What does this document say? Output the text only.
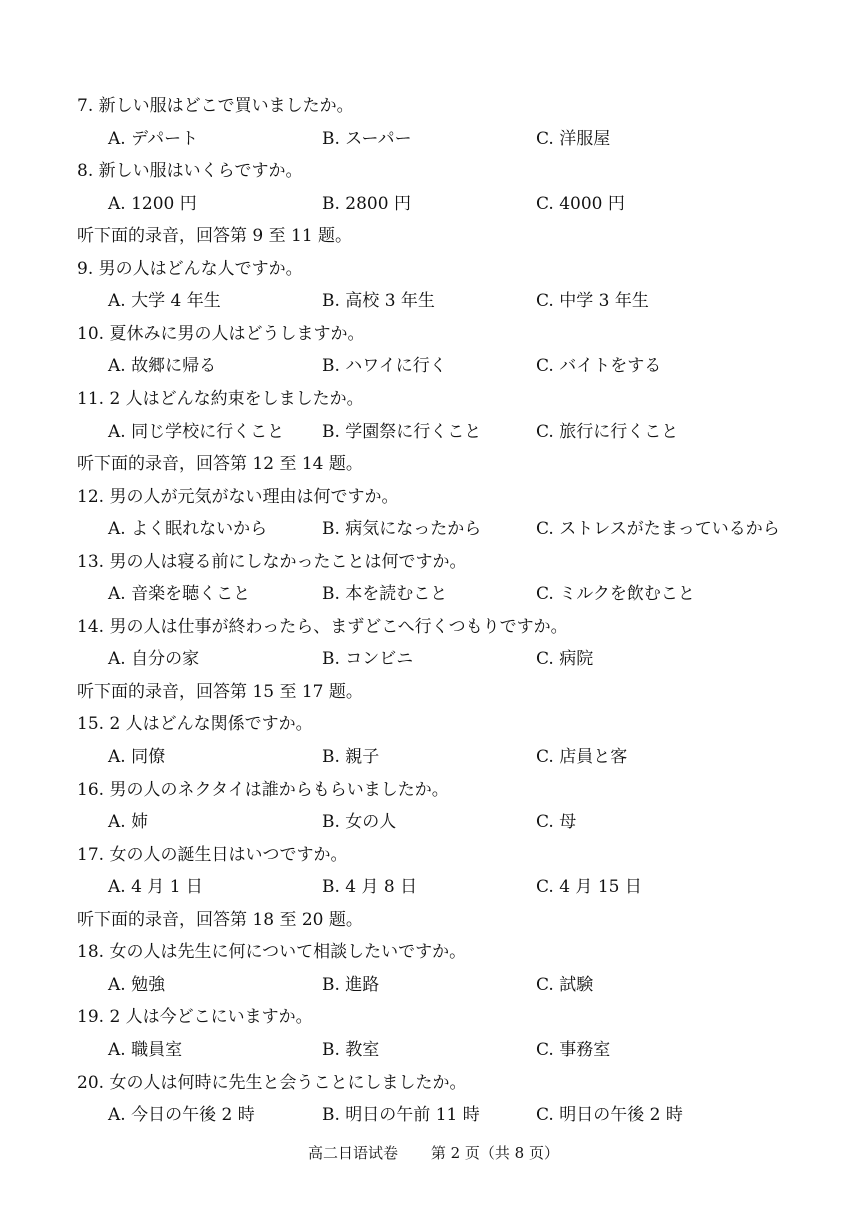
7. 新しい服はどこで買いましたか。
A. デパート	B. スーパー	C. 洋服屋
8. 新しい服はいくらですか。
A. 1200 円	B. 2800 円	C. 4000 円
听下面的录音，回答第 9 至 11 题。
9. 男の人はどんな人ですか。
A. 大学 4 年生	B. 高校 3 年生	C. 中学 3 年生
10. 夏休みに男の人はどうしますか。
A. 故郷に帰る	B. ハワイに行く	C. バイトをする
11. 2 人はどんな約束をしましたか。
A. 同じ学校に行くこと B. 学園祭に行くこと	C. 旅行に行くこと
听下面的录音，回答第 12 至 14 题。
12. 男の人が元気がない理由は何ですか。
A. よく眠れないから	B. 病気になったから	C. ストレスがたまっているから
13. 男の人は寝る前にしなかったことは何ですか。
A. 音楽を聴くこと	B. 本を読むこと	C. ミルクを飲むこと
14. 男の人は仕事が終わったら、まずどこへ行くつもりですか。
A. 自分の家	B. コンビニ	C. 病院
听下面的录音，回答第 15 至 17 题。
15. 2 人はどんな関係ですか。
A. 同僚	B. 親子	C. 店員と客
16. 男の人のネクタイは誰からもらいましたか。
A. 姉	B. 女の人	C. 母
17. 女の人の誕生日はいつですか。
A. 4 月 1 日	B. 4 月 8 日	C. 4 月 15 日
听下面的录音，回答第 18 至 20 题。
18. 女の人は先生に何について相談したいですか。
A. 勉強	B. 進路	C. 試験
19. 2 人は今どこにいますか。
A. 職員室	B. 教室	C. 事務室
20. 女の人は何時に先生と会うことにしましたか。
A. 今日の午後 2 時	B. 明日の午前 11 時	C. 明日の午後 2 時
高二日语试卷 第 2 页（共 8 页）
